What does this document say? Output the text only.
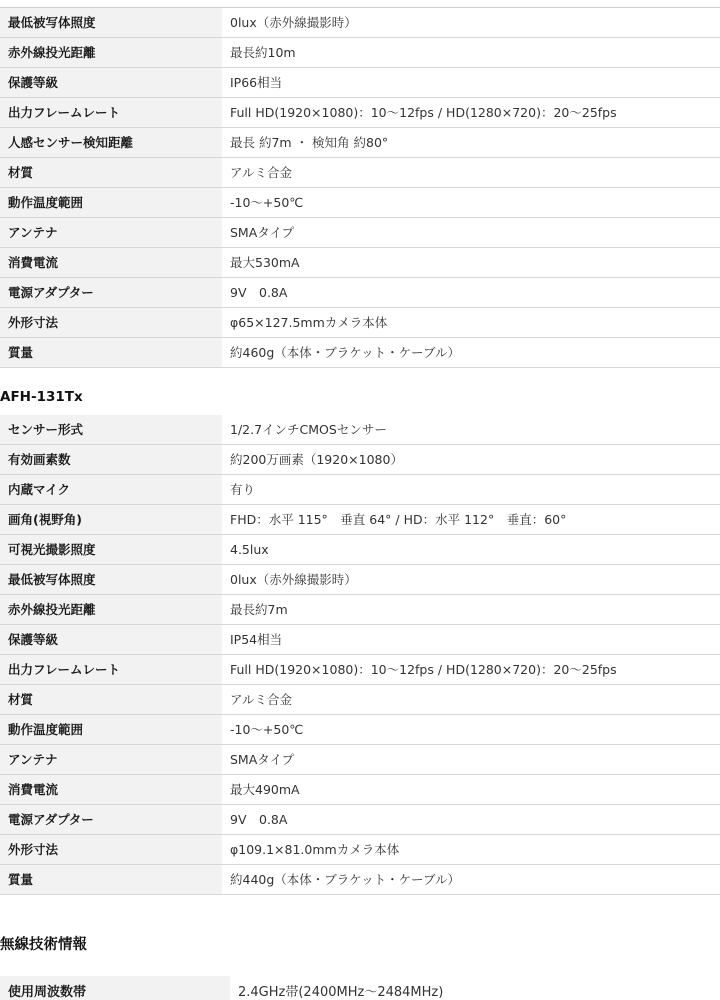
最低被写体照度	0lux（赤外線撮影時）
赤外線投光距離	最長約10m
保護等級	IP66相当
出力フレームレート	Full HD(1920×1080)：10～12fps / HD(1280×720)：20～25fps
人感センサー検知距離	最長 約7m ・ 検知角 約80°
材質	アルミ合金
動作温度範囲	-10～+50℃
アンテナ	SMAタイプ
消費電流	最大530mA
電源アダプター	9V　0.8A
外形寸法	φ65×127.5mmカメラ本体
質量	約460g（本体・ブラケット・ケーブル）
AFH-131Tx
センサー形式	1/2.7インチCMOSセンサー
有効画素数	約200万画素（1920×1080）
内蔵マイク	有り
画角(視野角)	FHD：水平 115°　垂直 64° / HD：水平 112°　垂直：60°
可視光撮影照度	4.5lux
最低被写体照度	0lux（赤外線撮影時）
赤外線投光距離	最長約7m
保護等級	IP54相当
出力フレームレート	Full HD(1920×1080)：10～12fps / HD(1280×720)：20～25fps
材質	アルミ合金
動作温度範囲	-10～+50℃
アンテナ	SMAタイプ
消費電流	最大490mA
電源アダプター	9V　0.8A
外形寸法	φ109.1×81.0mmカメラ本体
質量	約440g（本体・ブラケット・ケーブル）
無線技術情報
使用周波数帯	2.4GHz帯(2400MHz～2484MHz)
